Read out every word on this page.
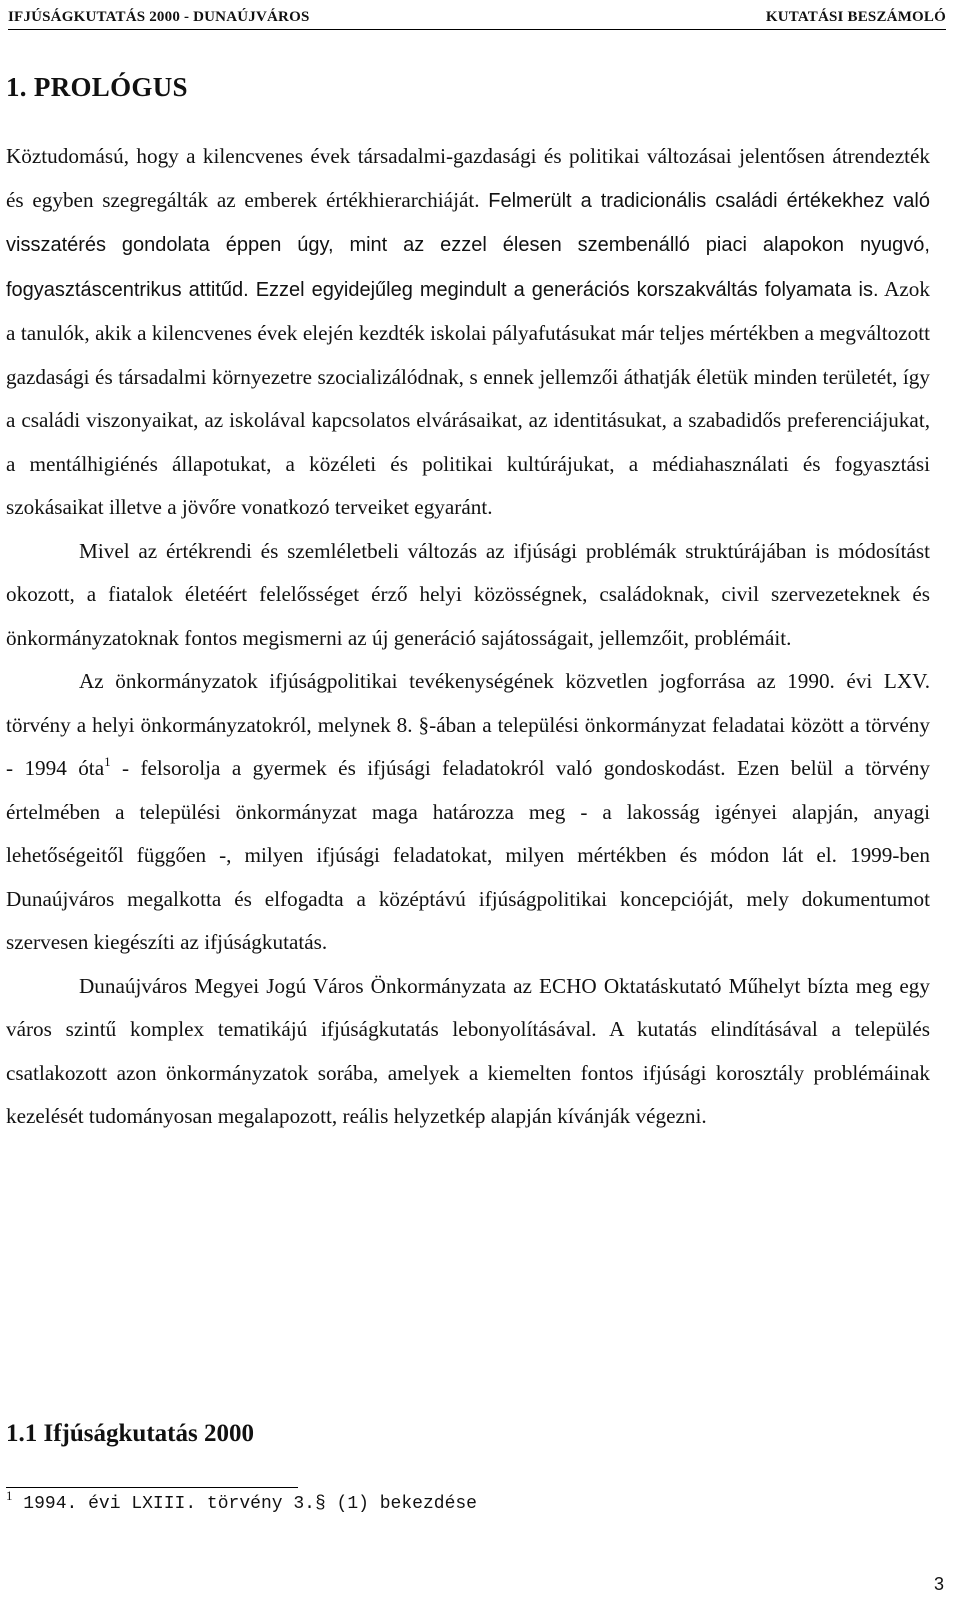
IFJÚSÁGKUTATÁS 2000 - DUNAÚJVÁROS	KUTATÁSI BESZÁMOLÓ
1. PROLÓGUS

Köztudomású, hogy a kilencvenes évek társadalmi-gazdasági és politikai változásai jelentősen átrendezték és egyben szegregálták az emberek értékhierarchiáját. Felmerült a tradicionális családi értékekhez való visszatérés gondolata éppen úgy, mint az ezzel élesen szembenálló piaci alapokon nyugvó, fogyasztáscentrikus attitűd. Ezzel egyidejűleg megindult a generációs korszakváltás folyamata is. Azok a tanulók, akik a kilencvenes évek elején kezdték iskolai pályafutásukat már teljes mértékben a megváltozott gazdasági és társadalmi környezetre szocializálódnak, s ennek jellemzői áthatják életük minden területét, így a családi viszonyaikat, az iskolával kapcsolatos elvárásaikat, az identitásukat, a szabadidős preferenciájukat, a mentálhigiénés állapotukat, a közéleti és politikai kultúrájukat, a médiahasználati és fogyasztási szokásaikat illetve a jövőre vonatkozó terveiket egyaránt.

Mivel az értékrendi és szemléletbeli változás az ifjúsági problémák struktúrájában is módosítást okozott, a fiatalok életéért felelősséget érző helyi közösségnek, családoknak, civil szervezeteknek és önkormányzatoknak fontos megismerni az új generáció sajátosságait, jellemzőit, problémáit.

Az önkormányzatok ifjúságpolitikai tevékenységének közvetlen jogforrása az 1990. évi LXV. törvény a helyi önkormányzatokról, melynek 8. §-ában a települési önkormányzat feladatai között a törvény - 1994 óta$^1$ - felsorolja a gyermek és ifjúsági feladatokról való gondoskodást. Ezen belül a törvény értelmében a települési önkormányzat maga határozza meg - a lakosság igényei alapján, anyagi lehetőségeitől függően -, milyen ifjúsági feladatokat, milyen mértékben és módon lát el. 1999-ben Dunaújváros megalkotta és elfogadta a középtávú ifjúságpolitikai koncepcióját, mely dokumentumot szervesen kiegészíti az ifjúságkutatás.

Dunaújváros Megyei Jogú Város Önkormányzata az ECHO Oktatáskutató Műhelyt bízta meg egy város szintű komplex tematikájú ifjúságkutatás lebonyolításával. A kutatás elindításával a település csatlakozott azon önkormányzatok sorába, amelyek a kiemelten fontos ifjúsági korosztály problémáinak kezelését tudományosan megalapozott, reális helyzetkép alapján kívánják végezni.

1.1 Ifjúságkutatás 2000
$^1$ 1994. évi LXIII. törvény 3.§ (1) bekezdése
3
